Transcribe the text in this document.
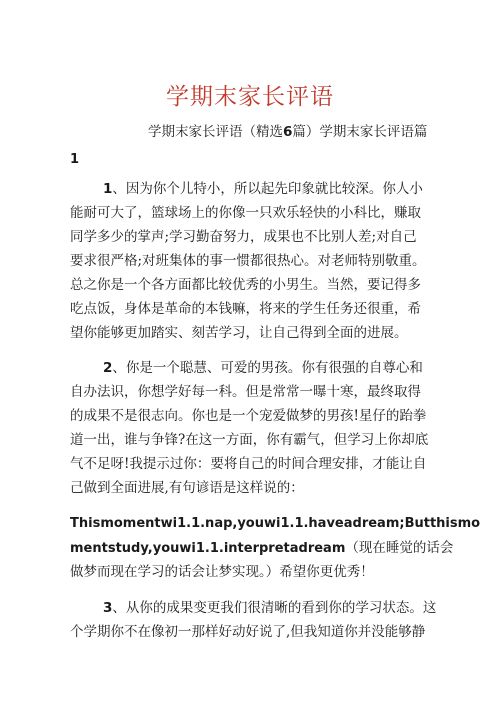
学期末家长评语
学期末家长评语（精选6篇）学期末家长评语篇
1
1、因为你个儿特小，所以起先印象就比较深。你人小
能耐可大了，篮球场上的你像一只欢乐轻快的小科比，赚取
同学多少的掌声;学习勤奋努力，成果也不比别人差;对自己
要求很严格;对班集体的事一惯都很热心。对老师特别敬重。
总之你是一个各方面都比较优秀的小男生。当然，要记得多
吃点饭，身体是革命的本钱嘛，将来的学生任务还很重，希
望你能够更加踏实、刻苦学习，让自己得到全面的进展。
2、你是一个聪慧、可爱的男孩。你有很强的自尊心和
自办法识，你想学好每一科。但是常常一曝十寒，最终取得
的成果不是很志向。你也是一个宠爱做梦的男孩!星仔的跆拳
道一出，谁与争锋?在这一方面，你有霸气，但学习上你却底
气不足呀!我提示过你：要将自己的时间合理安排，才能让自
己做到全面进展,有句谚语是这样说的：
Thismomentwi1.1.nap,youwi1.1.haveadream;Butthismo
mentstudy,youwi1.1.interpretadream（现在睡觉的话会
做梦而现在学习的话会让梦实现。）希望你更优秀！
3、从你的成果变更我们很清晰的看到你的学习状态。这
个学期你不在像初一那样好动好说了,但我知道你并没能够静
